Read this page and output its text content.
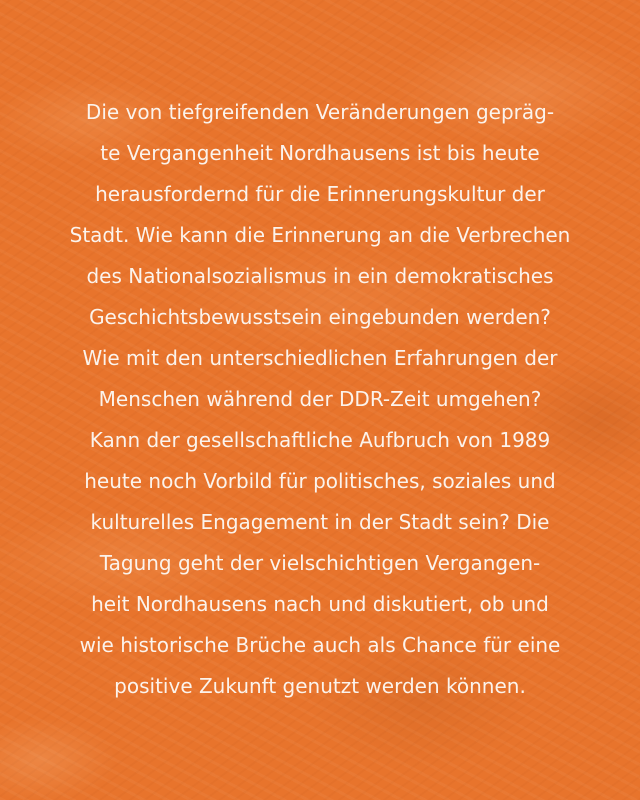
Die von tiefgreifenden Veränderungen gepräg-
te Vergangenheit Nordhausens ist bis heute
herausfordernd für die Erinnerungskultur der
Stadt. Wie kann die Erinnerung an die Verbrechen
des Nationalsozialismus in ein demokratisches
Geschichtsbewusstsein eingebunden werden?
Wie mit den unterschiedlichen Erfahrungen der
Menschen während der DDR-Zeit umgehen?
Kann der gesellschaftliche Aufbruch von 1989
heute noch Vorbild für politisches, soziales und
kulturelles Engagement in der Stadt sein? Die
Tagung geht der vielschichtigen Vergangen-
heit Nordhausens nach und diskutiert, ob und
wie historische Brüche auch als Chance für eine
positive Zukunft genutzt werden können.
